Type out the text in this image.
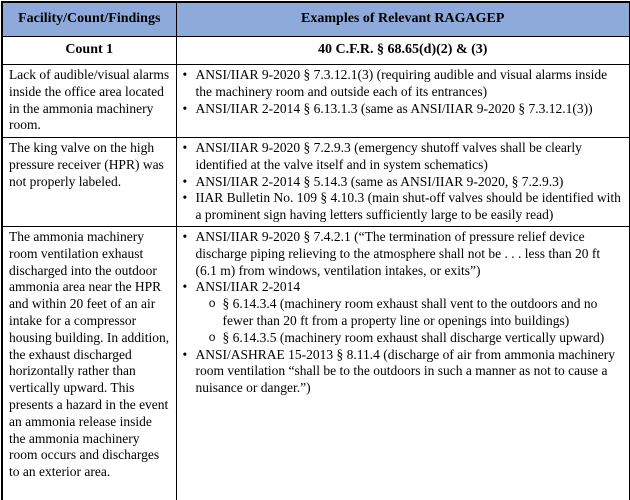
Facility/Count/Findings	Examples of Relevant RAGAGEP
Count 1	40 C.F.R. § 68.65(d)(2) & (3)
Lack of audible/visual alarms inside the office area located in the ammonia machinery room.	• ANSI/IIAR 9-2020 § 7.3.12.1(3) (requiring audible and visual alarms inside the machinery room and outside each of its entrances)
• ANSI/IIAR 2-2014 § 6.13.1.3 (same as ANSI/IIAR 9-2020 § 7.3.12.1(3))

The king valve on the high pressure receiver (HPR) was not properly labeled.	
• ANSI/IIAR 9-2020 § 7.2.9.3 (emergency shutoff valves shall be clearly identified at the valve itself and in system schematics)
• ANSI/IIAR 2-2014 § 5.14.3 (same as ANSI/IIAR 9-2020, § 7.2.9.3)
• IIAR Bulletin No. 109 § 4.10.3 (main shut-off valves should be identified with a prominent sign having letters sufficiently large to be easily read)

The ammonia machinery room ventilation exhaust discharged into the outdoor ammonia area near the HPR and within 20 feet of an air intake for a compressor housing building. In addition, the exhaust discharged horizontally rather than vertically upward. This presents a hazard in the event an ammonia release inside the ammonia machinery room occurs and discharges to an exterior area.	
• ANSI/IIAR 9-2020 § 7.4.2.1 (“The termination of pressure relief device discharge piping relieving to the atmosphere shall not be . . . less than 20 ft (6.1 m) from windows, ventilation intakes, or exits”)
• ANSI/IIAR 2-2014
o § 6.14.3.4 (machinery room exhaust shall vent to the outdoors and no fewer than 20 ft from a property line or openings into buildings)
o § 6.14.3.5 (machinery room exhaust shall discharge vertically upward)
• ANSI/ASHRAE 15-2013 § 8.11.4 (discharge of air from ammonia machinery room ventilation “shall be to the outdoors in such a manner as not to cause a nuisance or danger.”)
